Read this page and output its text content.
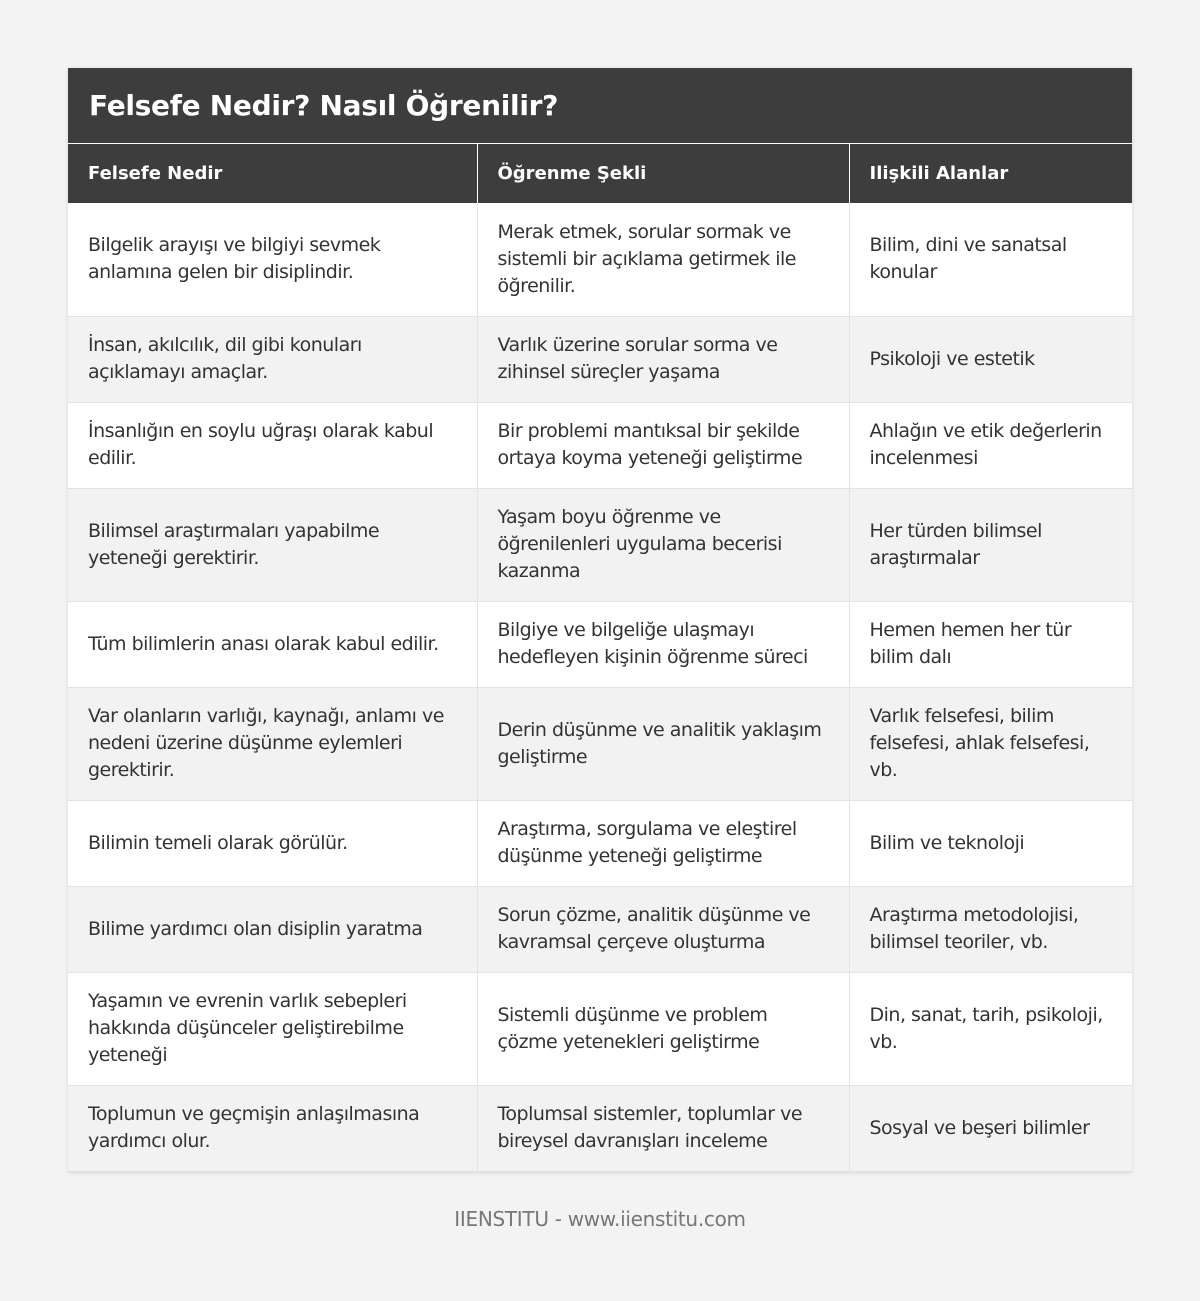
Felsefe Nedir? Nasıl Öğrenilir?
Felsefe Nedir	Öğrenme Şekli	Ilişkili Alanlar
Bilgelik arayışı ve bilgiyi sevmek anlamına gelen bir disiplindir.	Merak etmek, sorular sormak ve sistemli bir açıklama getirmek ile öğrenilir.	Bilim, dini ve sanatsal konular
İnsan, akılcılık, dil gibi konuları açıklamayı amaçlar.	Varlık üzerine sorular sorma ve zihinsel süreçler yaşama	Psikoloji ve estetik
İnsanlığın en soylu uğraşı olarak kabul edilir.	Bir problemi mantıksal bir şekilde ortaya koyma yeteneği geliştirme	Ahlağın ve etik değerlerin incelenmesi
Bilimsel araştırmaları yapabilme yeteneği gerektirir.	Yaşam boyu öğrenme ve öğrenilenleri uygulama becerisi kazanma	Her türden bilimsel araştırmalar
Tüm bilimlerin anası olarak kabul edilir.	Bilgiye ve bilgeliğe ulaşmayı hedefleyen kişinin öğrenme süreci	Hemen hemen her tür bilim dalı
Var olanların varlığı, kaynağı, anlamı ve nedeni üzerine düşünme eylemleri gerektirir.	Derin düşünme ve analitik yaklaşım geliştirme	Varlık felsefesi, bilim felsefesi, ahlak felsefesi, vb.
Bilimin temeli olarak görülür.	Araştırma, sorgulama ve eleştirel düşünme yeteneği geliştirme	Bilim ve teknoloji
Bilime yardımcı olan disiplin yaratma	Sorun çözme, analitik düşünme ve kavramsal çerçeve oluşturma	Araştırma metodolojisi, bilimsel teoriler, vb.
Yaşamın ve evrenin varlık sebepleri hakkında düşünceler geliştirebilme yeteneği	Sistemli düşünme ve problem çözme yetenekleri geliştirme	Din, sanat, tarih, psikoloji, vb.
Toplumun ve geçmişin anlaşılmasına yardımcı olur.	Toplumsal sistemler, toplumlar ve bireysel davranışları inceleme	Sosyal ve beşeri bilimler
IIENSTITU - www.iienstitu.com
